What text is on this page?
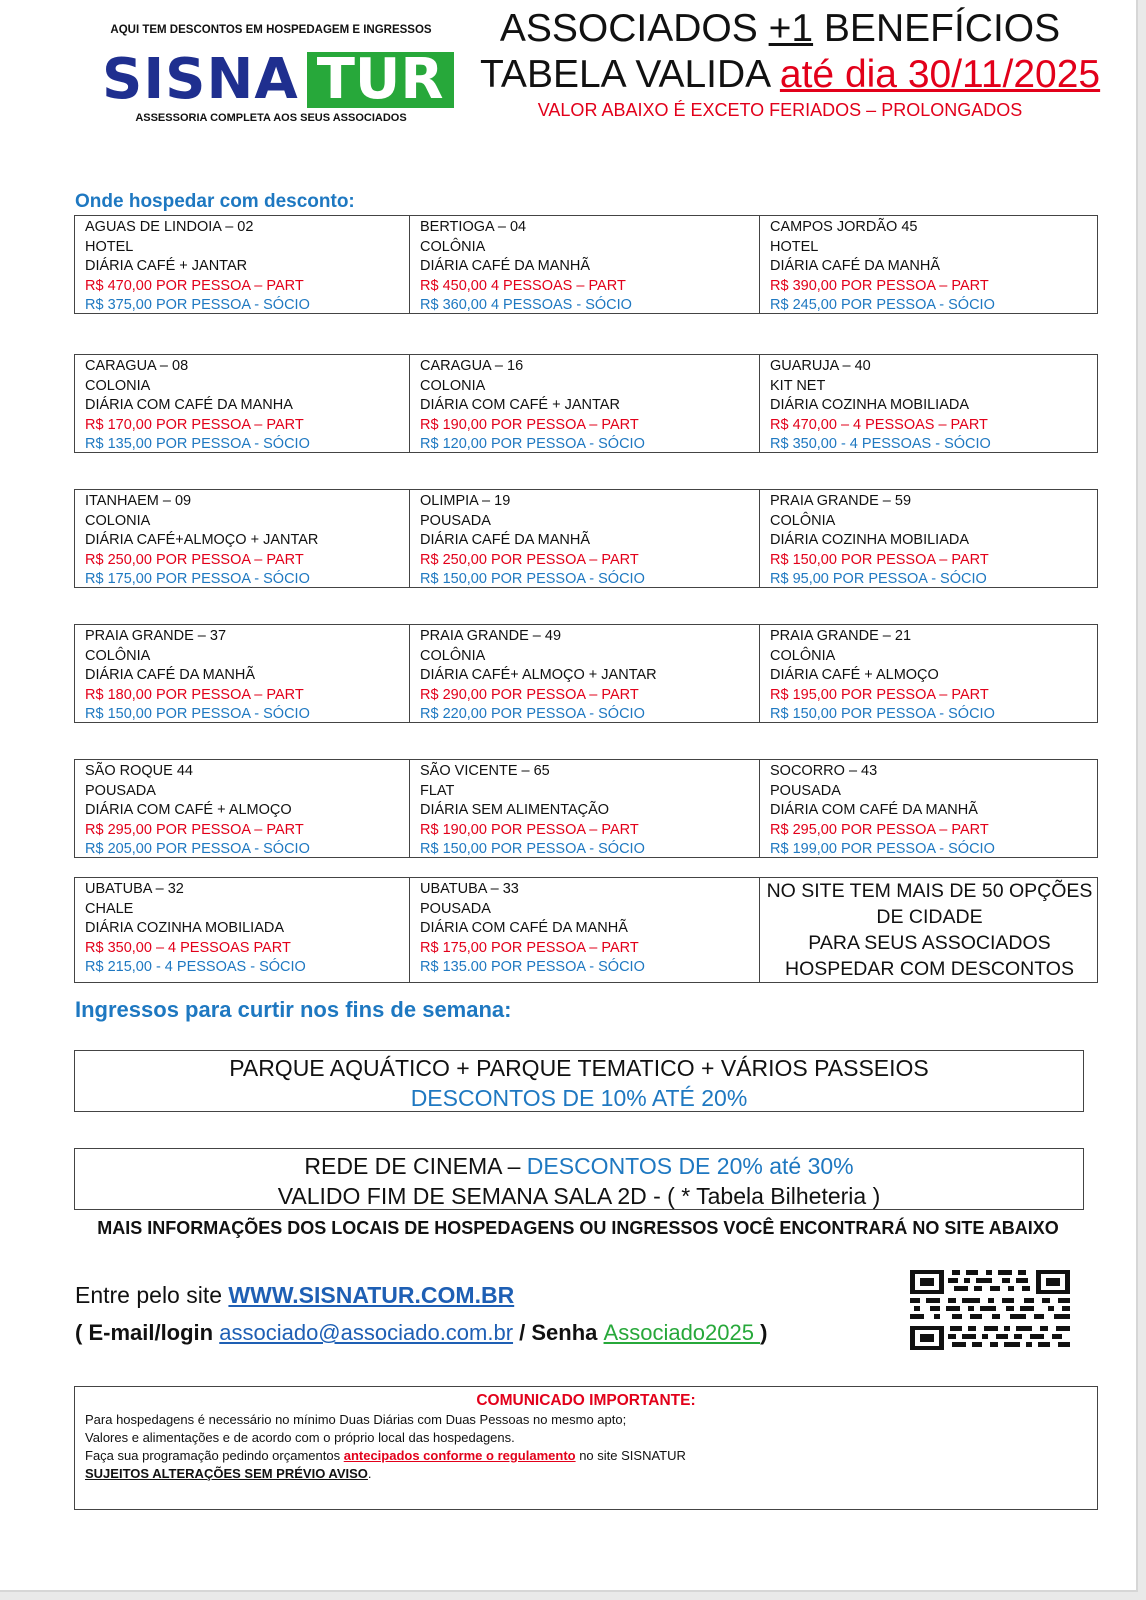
AQUI TEM DESCONTOS EM HOSPEDAGEM E INGRESSOS
SISNA TUR
ASSESSORIA COMPLETA AOS SEUS ASSOCIADOS
ASSOCIADOS +1 BENEFÍCIOS
TABELA VALIDA até dia 30/11/2025
VALOR ABAIXO É EXCETO FERIADOS – PROLONGADOS
Onde hospedar com desconto:
AGUAS DE LINDOIA – 02
HOTEL
DIÁRIA CAFÉ + JANTAR
R$ 470,00 POR PESSOA – PART
R$ 375,00 POR PESSOA - SÓCIO
BERTIOGA – 04
COLÔNIA
DIÁRIA CAFÉ DA MANHÃ
R$ 450,00 4 PESSOAS – PART
R$ 360,00 4 PESSOAS - SÓCIO
CAMPOS JORDÃO 45
HOTEL
DIÁRIA CAFÉ DA MANHÃ
R$ 390,00 POR PESSOA – PART
R$ 245,00 POR PESSOA - SÓCIO
CARAGUA – 08
COLONIA
DIÁRIA COM CAFÉ DA MANHA
R$ 170,00 POR PESSOA – PART
R$ 135,00 POR PESSOA - SÓCIO
CARAGUA – 16
COLONIA
DIÁRIA COM CAFÉ + JANTAR
R$ 190,00 POR PESSOA – PART
R$ 120,00 POR PESSOA - SÓCIO
GUARUJA – 40
KIT NET
DIÁRIA COZINHA MOBILIADA
R$ 470,00 – 4 PESSOAS – PART
R$ 350,00 - 4 PESSOAS - SÓCIO
ITANHAEM – 09
COLONIA
DIÁRIA CAFÉ+ALMOÇO + JANTAR
R$ 250,00 POR PESSOA – PART
R$ 175,00 POR PESSOA - SÓCIO
OLIMPIA – 19
POUSADA
DIÁRIA CAFÉ DA MANHÃ
R$ 250,00 POR PESSOA – PART
R$ 150,00 POR PESSOA - SÓCIO
PRAIA GRANDE – 59
COLÔNIA
DIÁRIA COZINHA MOBILIADA
R$ 150,00 POR PESSOA – PART
R$ 95,00 POR PESSOA - SÓCIO
PRAIA GRANDE – 37
COLÔNIA
DIÁRIA CAFÉ DA MANHÃ
R$ 180,00 POR PESSOA – PART
R$ 150,00 POR PESSOA - SÓCIO
PRAIA GRANDE – 49
COLÔNIA
DIÁRIA CAFÉ+ ALMOÇO + JANTAR
R$ 290,00 POR PESSOA – PART
R$ 220,00 POR PESSOA - SÓCIO
PRAIA GRANDE – 21
COLÔNIA
DIÁRIA CAFÉ + ALMOÇO
R$ 195,00 POR PESSOA – PART
R$ 150,00 POR PESSOA - SÓCIO
SÃO ROQUE 44
POUSADA
DIÁRIA COM CAFÉ + ALMOÇO
R$ 295,00 POR PESSOA – PART
R$ 205,00 POR PESSOA - SÓCIO
SÃO VICENTE – 65
FLAT
DIÁRIA SEM ALIMENTAÇÃO
R$ 190,00 POR PESSOA – PART
R$ 150,00 POR PESSOA - SÓCIO
SOCORRO – 43
POUSADA
DIÁRIA COM CAFÉ DA MANHÃ
R$ 295,00 POR PESSOA – PART
R$ 199,00 POR PESSOA - SÓCIO
UBATUBA – 32
CHALE
DIÁRIA COZINHA MOBILIADA
R$ 350,00 – 4 PESSOAS PART
R$ 215,00 - 4 PESSOAS - SÓCIO
UBATUBA – 33
POUSADA
DIÁRIA COM CAFÉ DA MANHÃ
R$ 175,00 POR PESSOA – PART
R$ 135.00 POR PESSOA - SÓCIO
NO SITE TEM MAIS DE 50 OPÇÕES
DE CIDADE
PARA SEUS ASSOCIADOS
HOSPEDAR COM DESCONTOS
Ingressos para curtir nos fins de semana:
PARQUE AQUÁTICO + PARQUE TEMATICO + VÁRIOS PASSEIOS
DESCONTOS DE 10% ATÉ 20%
REDE DE CINEMA – DESCONTOS DE 20% até 30%
VALIDO FIM DE SEMANA SALA 2D - ( * Tabela Bilheteria )
MAIS INFORMAÇÕES DOS LOCAIS DE HOSPEDAGENS OU INGRESSOS VOCÊ ENCONTRARÁ NO SITE ABAIXO
Entre pelo site WWW.SISNATUR.COM.BR
( E-mail/login associado@associado.com.br / Senha Associado2025 )
COMUNICADO IMPORTANTE:
Para hospedagens é necessário no mínimo Duas Diárias com Duas Pessoas no mesmo apto;
Valores e alimentações e de acordo com o próprio local das hospedagens.
Faça sua programação pedindo orçamentos antecipados conforme o regulamento no site SISNATUR
SUJEITOS ALTERAÇÕES SEM PRÉVIO AVISO.
